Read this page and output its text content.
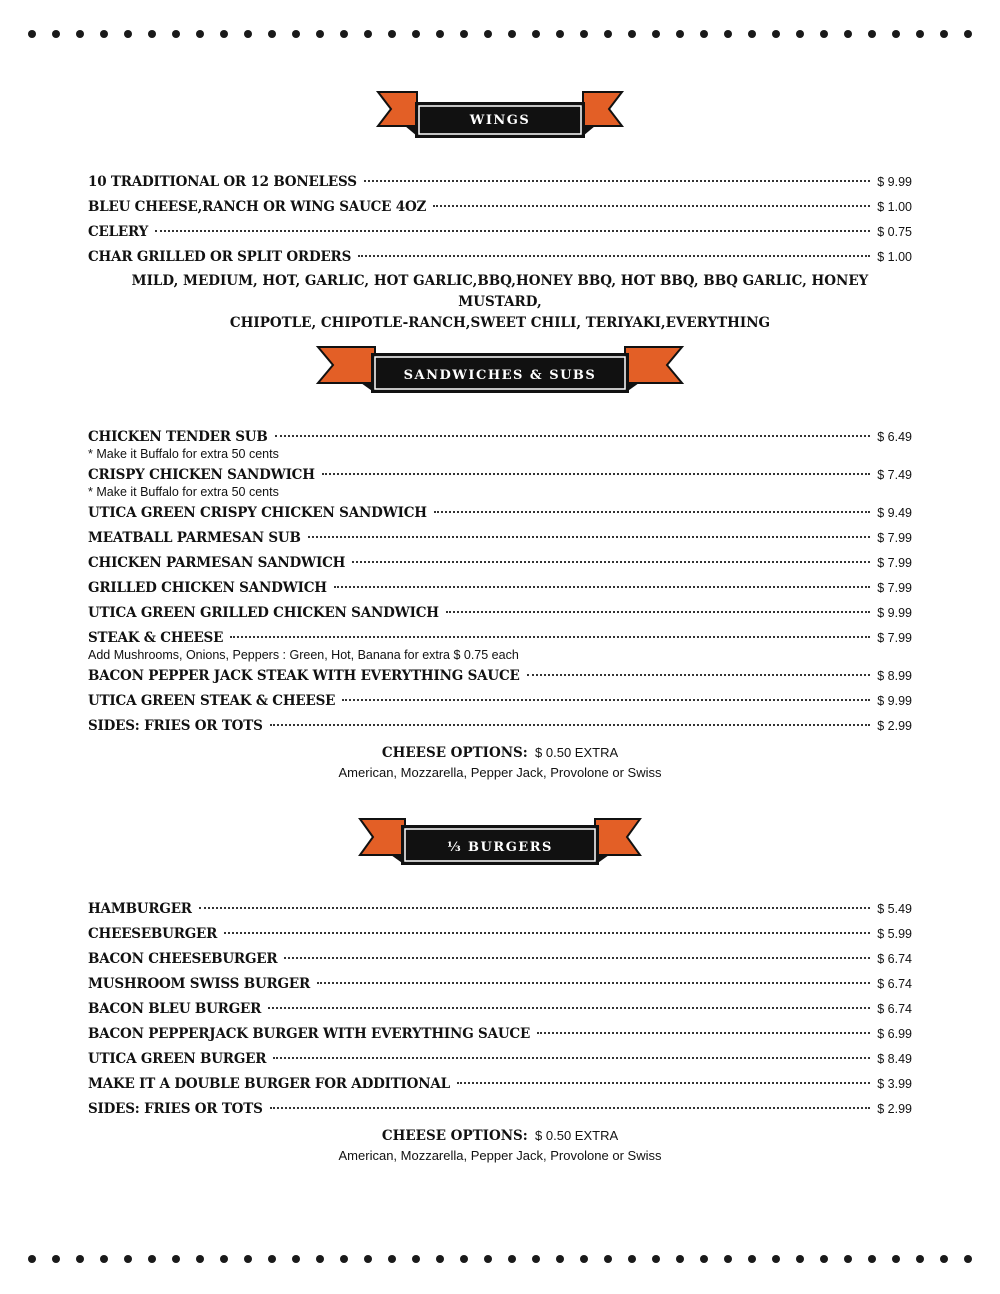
WINGS
10 TRADITIONAL OR 12 BONELESS	$ 9.99
BLEU CHEESE,RANCH OR WING SAUCE 4OZ	$ 1.00
CELERY	$ 0.75
CHAR GRILLED OR SPLIT ORDERS	$ 1.00
MILD, MEDIUM, HOT, GARLIC, HOT GARLIC,BBQ,HONEY BBQ, HOT BBQ, BBQ GARLIC, HONEY MUSTARD,
CHIPOTLE, CHIPOTLE-RANCH,SWEET CHILI, TERIYAKI,EVERYTHING
SANDWICHES & SUBS
CHICKEN TENDER SUB	$ 6.49
* Make it Buffalo for extra 50 cents
CRISPY CHICKEN SANDWICH	$ 7.49
* Make it Buffalo for extra 50 cents
UTICA GREEN CRISPY CHICKEN SANDWICH	$ 9.49
MEATBALL PARMESAN SUB	$ 7.99
CHICKEN PARMESAN SANDWICH	$ 7.99
GRILLED CHICKEN SANDWICH	$ 7.99
UTICA GREEN GRILLED CHICKEN SANDWICH	$ 9.99
STEAK & CHEESE	$ 7.99
Add Mushrooms, Onions, Peppers : Green, Hot, Banana for extra $ 0.75 each
BACON PEPPER JACK STEAK WITH EVERYTHING SAUCE	$ 8.99
UTICA GREEN STEAK & CHEESE	$ 9.99
SIDES: FRIES OR TOTS	$ 2.99
CHEESE OPTIONS: $ 0.50 EXTRA
American, Mozzarella, Pepper Jack, Provolone or Swiss
⅓ BURGERS
HAMBURGER	$ 5.49
CHEESEBURGER	$ 5.99
BACON CHEESEBURGER	$ 6.74
MUSHROOM SWISS BURGER	$ 6.74
BACON BLEU BURGER	$ 6.74
BACON PEPPERJACK BURGER WITH EVERYTHING SAUCE	$ 6.99
UTICA GREEN BURGER	$ 8.49
MAKE IT A DOUBLE BURGER FOR ADDITIONAL	$ 3.99
SIDES: FRIES OR TOTS	$ 2.99
CHEESE OPTIONS: $ 0.50 EXTRA
American, Mozzarella, Pepper Jack, Provolone or Swiss
